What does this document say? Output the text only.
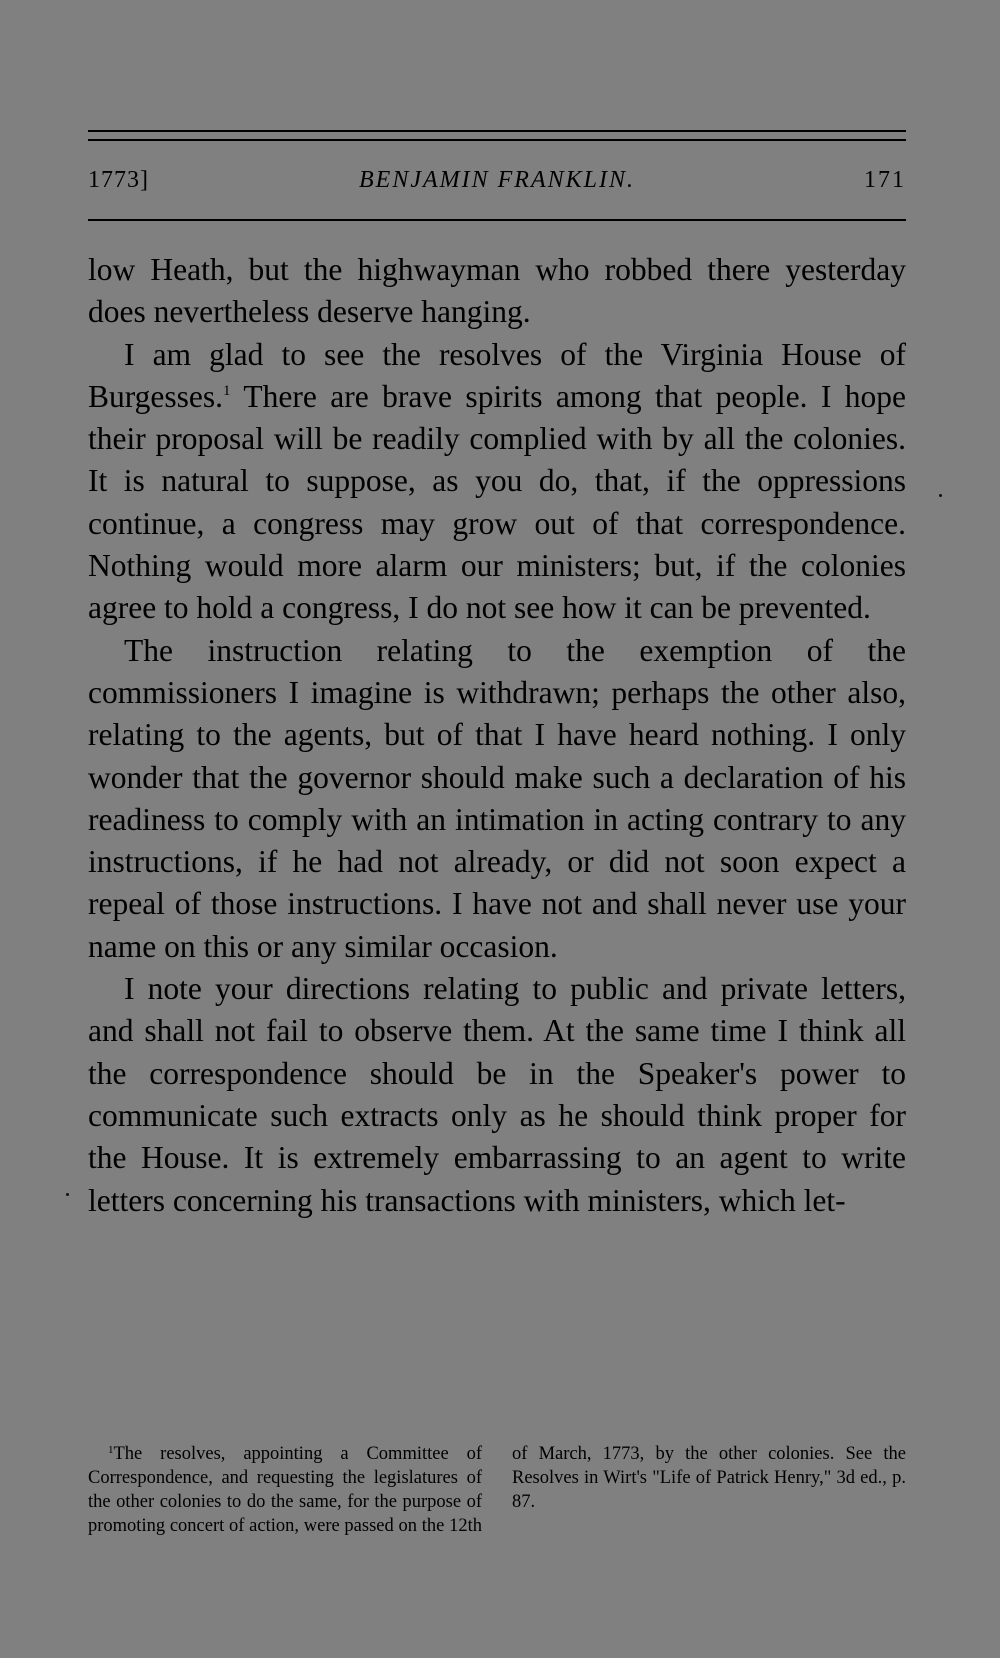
1773]	BENJAMIN FRANKLIN.	171

low Heath, but the highwayman who robbed there yesterday does nevertheless deserve hanging.

I am glad to see the resolves of the Virginia House of Burgesses.$^1$ There are brave spirits among that people. I hope their proposal will be readily complied with by all the colonies. It is natural to suppose, as you do, that, if the oppressions continue, a congress may grow out of that correspondence. Nothing would more alarm our ministers; but, if the colonies agree to hold a congress, I do not see how it can be prevented.

The instruction relating to the exemption of the commissioners I imagine is withdrawn; perhaps the other also, relating to the agents, but of that I have heard nothing. I only wonder that the governor should make such a declaration of his readiness to comply with an intimation in acting contrary to any instructions, if he had not already, or did not soon expect a repeal of those instructions. I have not and shall never use your name on this or any similar occasion.

I note your directions relating to public and private letters, and shall not fail to observe them. At the same time I think all the correspondence should be in the Speaker's power to communicate such extracts only as he should think proper for the House. It is extremely embarrassing to an agent to write letters concerning his transactions with ministers, which let-

$^1$The resolves, appointing a Committee of Correspondence, and requesting the legislatures of the other colonies to do the same, for the purpose of promoting concert of action, were passed on the 12th of March, 1773, by the other colonies. See the Resolves in Wirt's "Life of Patrick Henry," 3d ed., p. 87.
